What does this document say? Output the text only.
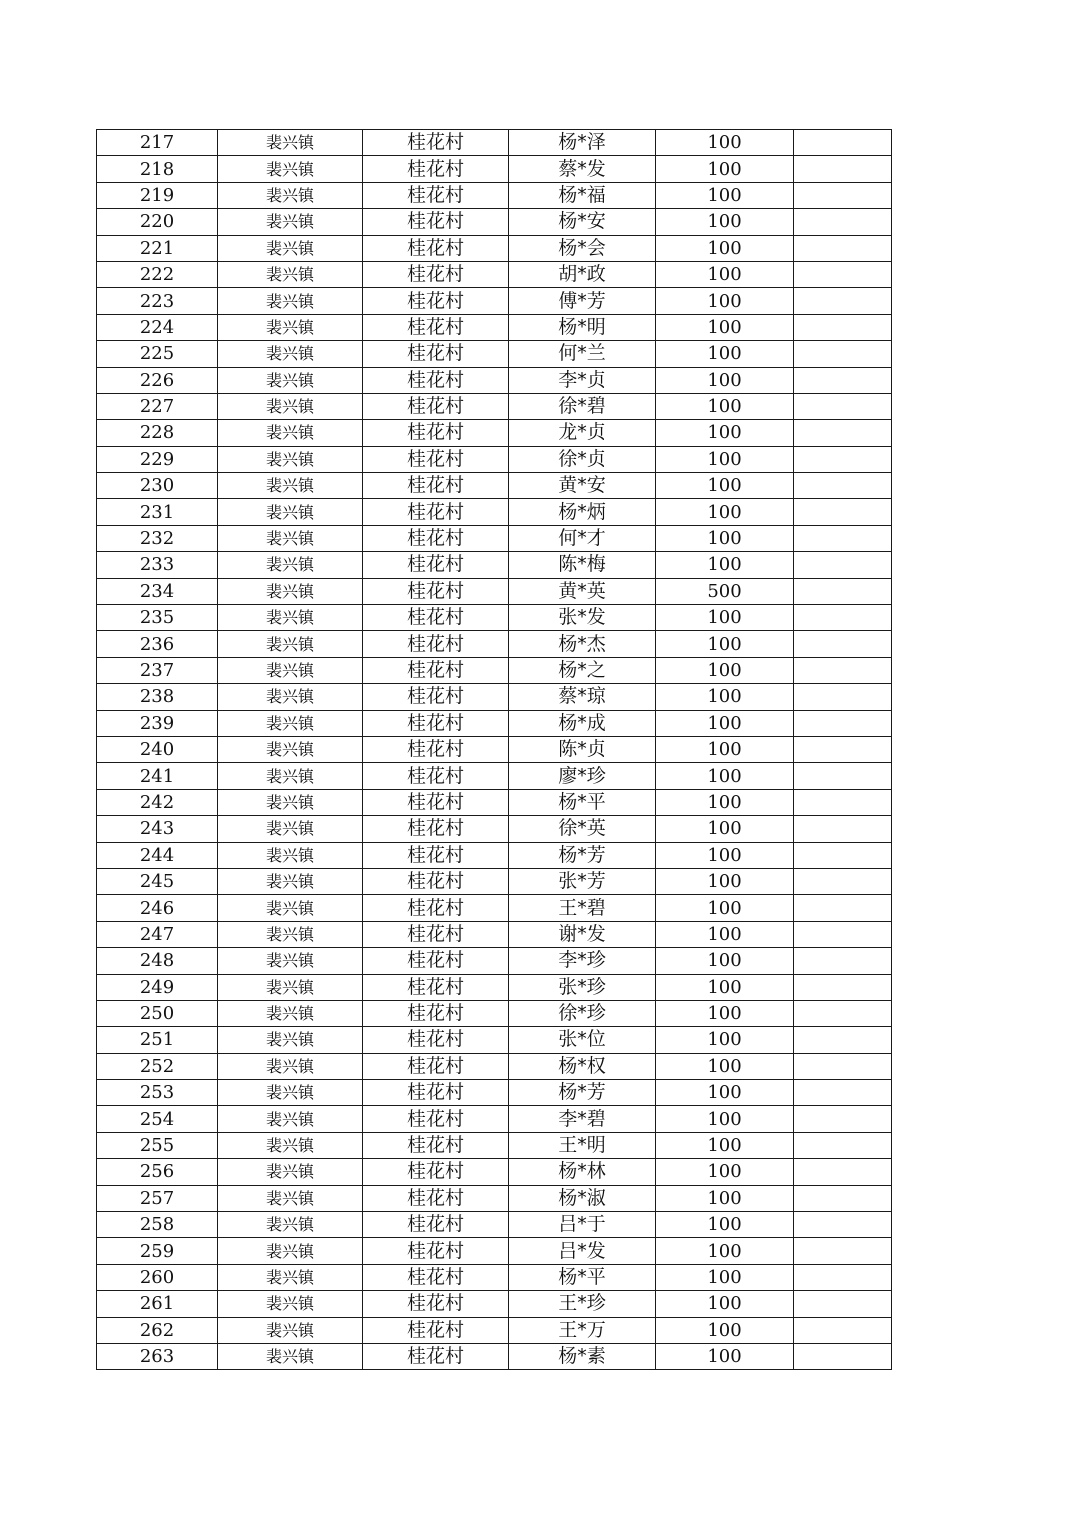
217	裴兴镇	桂花村	杨*泽	100	
218	裴兴镇	桂花村	蔡*发	100	
219	裴兴镇	桂花村	杨*福	100	
220	裴兴镇	桂花村	杨*安	100	
221	裴兴镇	桂花村	杨*会	100	
222	裴兴镇	桂花村	胡*政	100	
223	裴兴镇	桂花村	傅*芳	100	
224	裴兴镇	桂花村	杨*明	100	
225	裴兴镇	桂花村	何*兰	100	
226	裴兴镇	桂花村	李*贞	100	
227	裴兴镇	桂花村	徐*碧	100	
228	裴兴镇	桂花村	龙*贞	100	
229	裴兴镇	桂花村	徐*贞	100	
230	裴兴镇	桂花村	黄*安	100	
231	裴兴镇	桂花村	杨*炳	100	
232	裴兴镇	桂花村	何*才	100	
233	裴兴镇	桂花村	陈*梅	100	
234	裴兴镇	桂花村	黄*英	500	
235	裴兴镇	桂花村	张*发	100	
236	裴兴镇	桂花村	杨*杰	100	
237	裴兴镇	桂花村	杨*之	100	
238	裴兴镇	桂花村	蔡*琼	100	
239	裴兴镇	桂花村	杨*成	100	
240	裴兴镇	桂花村	陈*贞	100	
241	裴兴镇	桂花村	廖*珍	100	
242	裴兴镇	桂花村	杨*平	100	
243	裴兴镇	桂花村	徐*英	100	
244	裴兴镇	桂花村	杨*芳	100	
245	裴兴镇	桂花村	张*芳	100	
246	裴兴镇	桂花村	王*碧	100	
247	裴兴镇	桂花村	谢*发	100	
248	裴兴镇	桂花村	李*珍	100	
249	裴兴镇	桂花村	张*珍	100	
250	裴兴镇	桂花村	徐*珍	100	
251	裴兴镇	桂花村	张*位	100	
252	裴兴镇	桂花村	杨*权	100	
253	裴兴镇	桂花村	杨*芳	100	
254	裴兴镇	桂花村	李*碧	100	
255	裴兴镇	桂花村	王*明	100	
256	裴兴镇	桂花村	杨*林	100	
257	裴兴镇	桂花村	杨*淑	100	
258	裴兴镇	桂花村	吕*于	100	
259	裴兴镇	桂花村	吕*发	100	
260	裴兴镇	桂花村	杨*平	100	
261	裴兴镇	桂花村	王*珍	100	
262	裴兴镇	桂花村	王*万	100	
263	裴兴镇	桂花村	杨*素	100	
